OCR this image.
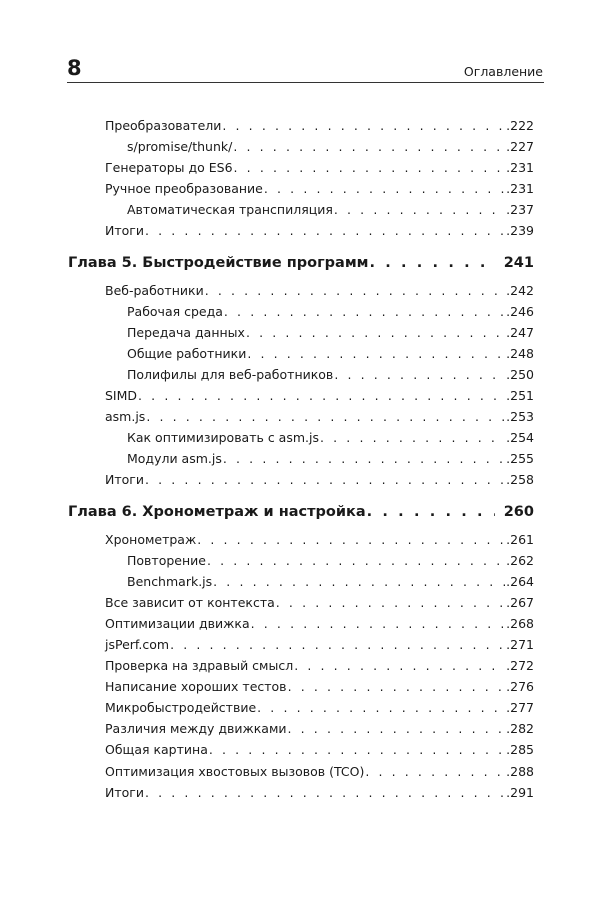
8	Оглавление
Преобразователи . . .	.222
s/promise/thunk/ . . .	.227
Генераторы до ES6 . . .	.231
Ручное преобразование . . .	.231
Автоматическая транспиляция . . .	.237
Итоги . . .	.239
Глава 5. Быстродействие программ . . .	241
Веб-работники . . .	.242
Рабочая среда . . .	.246
Передача данных . . .	.247
Общие работники . . .	.248
Полифилы для веб-работников . . .	.250
SIMD . . .	.251
asm.js . . .	.253
Как оптимизировать с asm.js . . .	.254
Модули asm.js . . .	.255
Итоги . . .	.258
Глава 6. Хронометраж и настройка . . .	260
Хронометраж . . .	.261
Повторение . . .	.262
Benchmark.js . . .	.264
Все зависит от контекста . . .	.267
Оптимизации движка . . .	.268
jsPerf.com . . .	.271
Проверка на здравый смысл . . .	.272
Написание хороших тестов . . .	.276
Микробыстродействие . . .	.277
Различия между движками . . .	.282
Общая картина . . .	.285
Оптимизация хвостовых вызовов (TCO) . . .	.288
Итоги . . .	.291
